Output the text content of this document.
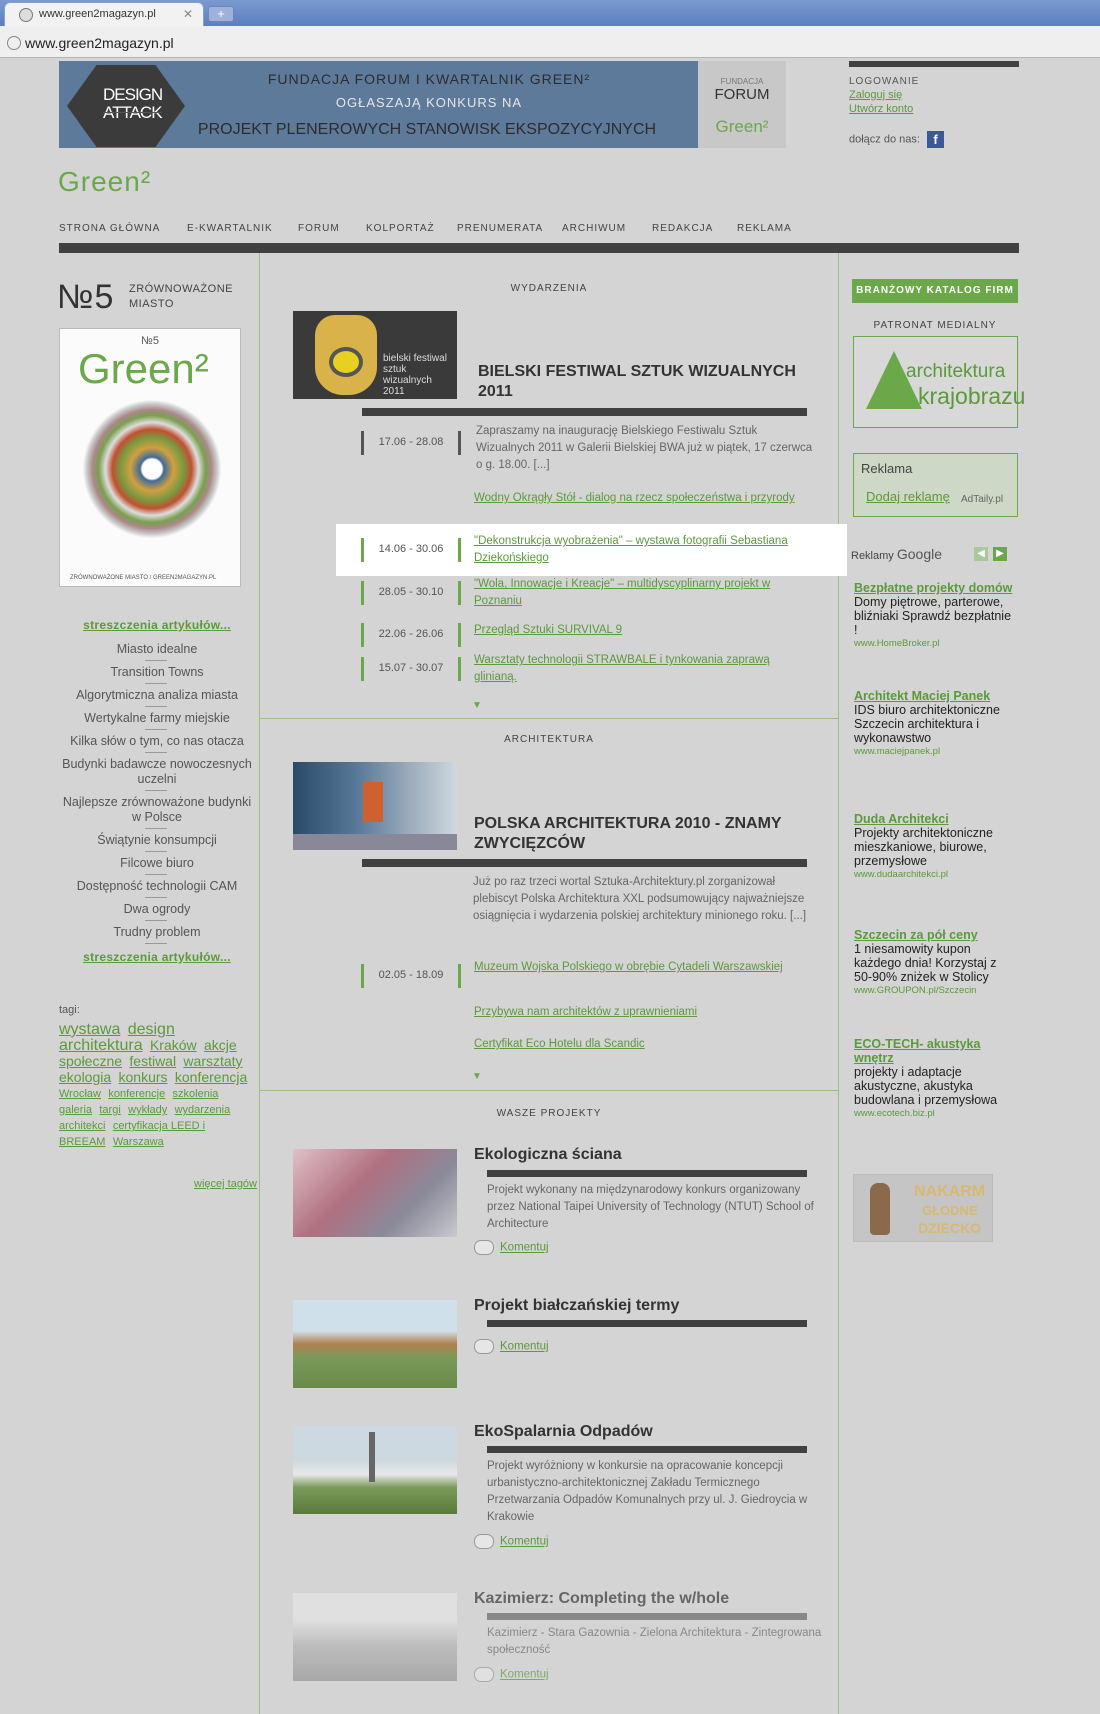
www.green2magazyn.pl ✕	+
www.green2magazyn.pl
DESIGN
ATTACK
FUNDACJA FORUM I KWARTALNIK GREEN²
OGŁASZAJĄ KONKURS NA
PROJEKT PLENEROWYCH STANOWISK EKSPOZYCYJNYCH
FUNDACJA
FORUM
Green²
LOGOWANIE
Zaloguj się
Utwórz konto
dołącz do nas: f
Green²
STRONA GŁÓWNA	E-KWARTALNIK	FORUM	KOLPORTAŻ PRENUMERATA ARCHIWUM	REDAKCJA REKLAMA
№5 ZRÓWNOWAŻONE
MIASTO
№5
Green²
ZRÓWNOWAŻONE MIASTO / GREEN2MAGAZYN.PL
streszczenia artykułów...
Miasto idealne
Transition Towns
Algorytmiczna analiza miasta
Wertykalne farmy miejskie
Kilka słów o tym, co nas otacza
Budynki badawcze nowoczesnych uczelni
Najlepsze zrównoważone budynki w Polsce
Świątynie konsumpcji
Filcowe biuro
Dostępność technologii CAM
Dwa ogrody
Trudny problem
streszczenia artykułów...
tagi:
wystawa design architektura Kraków akcje społeczne festiwal warsztaty ekologia konkurs konferencja Wrocław konferencje szkolenia galeria targi wykłady wydarzenia architekci certyfikacja LEED i BREEAM Warszawa
więcej tagów
WYDARZENIA
bielski festiwal sztuk wizualnych 2011
BIELSKI FESTIWAL SZTUK WIZUALNYCH 2011
17.06 - 28.08
Zapraszamy na inaugurację Bielskiego Festiwalu Sztuk Wizualnych 2011 w Galerii Bielskiej BWA już w piątek, 17 czerwca o g. 18.00. [...]
Wodny Okrągły Stół - dialog na rzecz społeczeństwa i przyrody
14.06 - 30.06
"Dekonstrukcja wyobrażenia" – wystawa fotografii Sebastiana Dziekońskiego
28.05 - 30.10
"Wola, Innowacje i Kreacje" – multidyscyplinarny projekt w Poznaniu
22.06 - 26.06	Przegląd Sztuki SURVIVAL 9
15.07 - 30.07
Warsztaty technologii STRAWBALE i tynkowania zaprawą glinianą.
▼
ARCHITEKTURA
POLSKA ARCHITEKTURA 2010 - ZNAMY ZWYCIĘZCÓW
Już po raz trzeci wortal Sztuka-Architektury.pl zorganizował plebiscyt Polska Architektura XXL podsumowujący najważniejsze osiągnięcia i wydarzenia polskiej architektury minionego roku. [...]
02.05 - 18.09
Muzeum Wojska Polskiego w obrębie Cytadeli Warszawskiej
Przybywa nam architektów z uprawnieniami
Certyfikat Eco Hotelu dla Scandic
▼
WASZE PROJEKTY
Ekologiczna ściana
Projekt wykonany na międzynarodowy konkurs organizowany przez National Taipei University of Technology (NTUT) School of Architecture
Komentuj
Projekt białczańskiej termy
Komentuj
EkoSpalarnia Odpadów
Projekt wyróżniony w konkursie na opracowanie koncepcji urbanistyczno-architektonicznej Zakładu Termicznego Przetwarzania Odpadów Komunalnych przy ul. J. Giedroycia w Krakowie
Komentuj
Kazimierz: Completing the w/hole
Kazimierz - Stara Gazownia - Zielona Architektura - Zintegrowana społeczność
Komentuj
BRANŻOWY KATALOG FIRM
PATRONAT MEDIALNY
architektura
krajobrazu
Reklama
Dodaj reklamę AdTaily.pl
Reklamy Google	◀ ▶
Bezpłatne projekty domów
Domy piętrowe, parterowe, bliźniaki Sprawdź bezpłatnie !
www.HomeBroker.pl
Architekt Maciej Panek
IDS biuro architektoniczne Szczecin architektura i wykonawstwo
www.maciejpanek.pl
Duda Architekci
Projekty architektoniczne mieszkaniowe, biurowe, przemysłowe
www.dudaarchitekci.pl
Szczecin za pół ceny
1 niesamowity kupon każdego dnia! Korzystaj z 50-90% zniżek w Stolicy
www.GROUPON.pl/Szczecin
ECO-TECH- akustyka wnętrz
projekty i adaptacje akustyczne, akustyka budowlana i przemysłowa
www.ecotech.biz.pl
NAKARM
GŁODNE
DZIECKO
